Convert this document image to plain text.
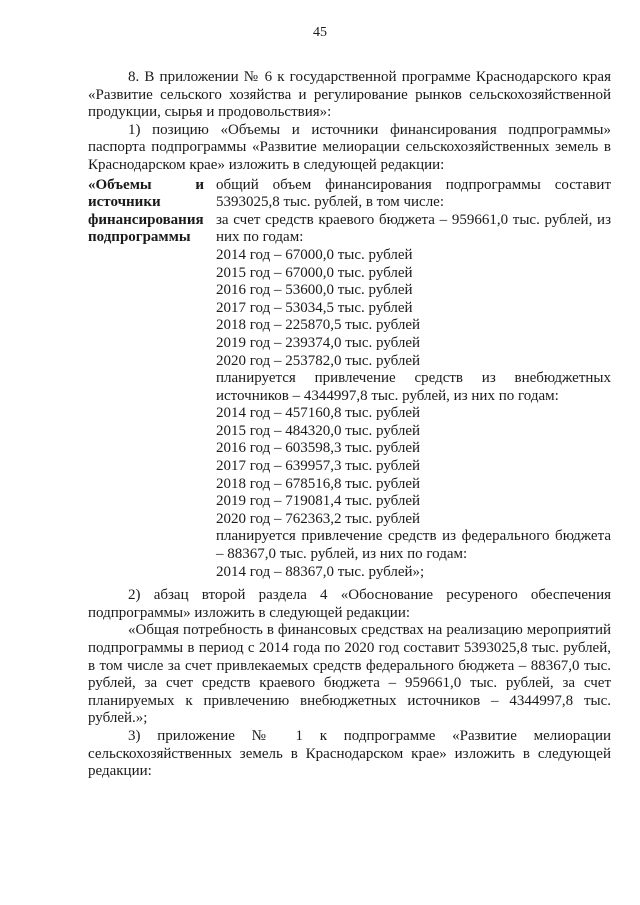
45

8. В приложении № 6 к государственной программе Краснодарского края «Развитие сельского хозяйства и регулирование рынков сельскохозяйственной продукции, сырья и продовольствия»:

1) позицию «Объемы и источники финансирования подпрограммы» паспорта подпрограммы «Развитие мелиорации сельскохозяйственных земель в Краснодарском крае» изложить в следующей редакции:

«Объемы и источники финансирования подпрограммы

общий объем финансирования подпрограммы составит 5393025,8 тыс. рублей, в том числе:

за счет средств краевого бюджета – 959661,0 тыс. рублей, из них по годам:

2014 год – 67000,0 тыс. рублей
2015 год – 67000,0 тыс. рублей
2016 год – 53600,0 тыс. рублей
2017 год – 53034,5 тыс. рублей
2018 год – 225870,5 тыс. рублей
2019 год – 239374,0 тыс. рублей
2020 год – 253782,0 тыс. рублей

планируется привлечение средств из внебюджетных источников – 4344997,8 тыс. рублей, из них по годам:

2014 год – 457160,8 тыс. рублей
2015 год – 484320,0 тыс. рублей
2016 год – 603598,3 тыс. рублей
2017 год – 639957,3 тыс. рублей
2018 год – 678516,8 тыс. рублей
2019 год – 719081,4 тыс. рублей
2020 год – 762363,2 тыс. рублей

планируется привлечение средств из федерального бюджета – 88367,0 тыс. рублей, из них по годам:

2014 год – 88367,0 тыс. рублей»;

2) абзац второй раздела 4 «Обоснование ресуреного обеспечения подпрограммы» изложить в следующей редакции:

«Общая потребность в финансовых средствах на реализацию мероприятий подпрограммы в период с 2014 года по 2020 год составит 5393025,8 тыс. рублей, в том числе за счет привлекаемых средств федерального бюджета – 88367,0 тыс. рублей, за счет средств краевого бюджета – 959661,0 тыс. рублей, за счет планируемых к привлечению внебюджетных источников – 4344997,8 тыс. рублей.»;

3) приложение № 1 к подпрограмме «Развитие мелиорации сельскохозяйственных земель в Краснодарском крае» изложить в следующей редакции:
